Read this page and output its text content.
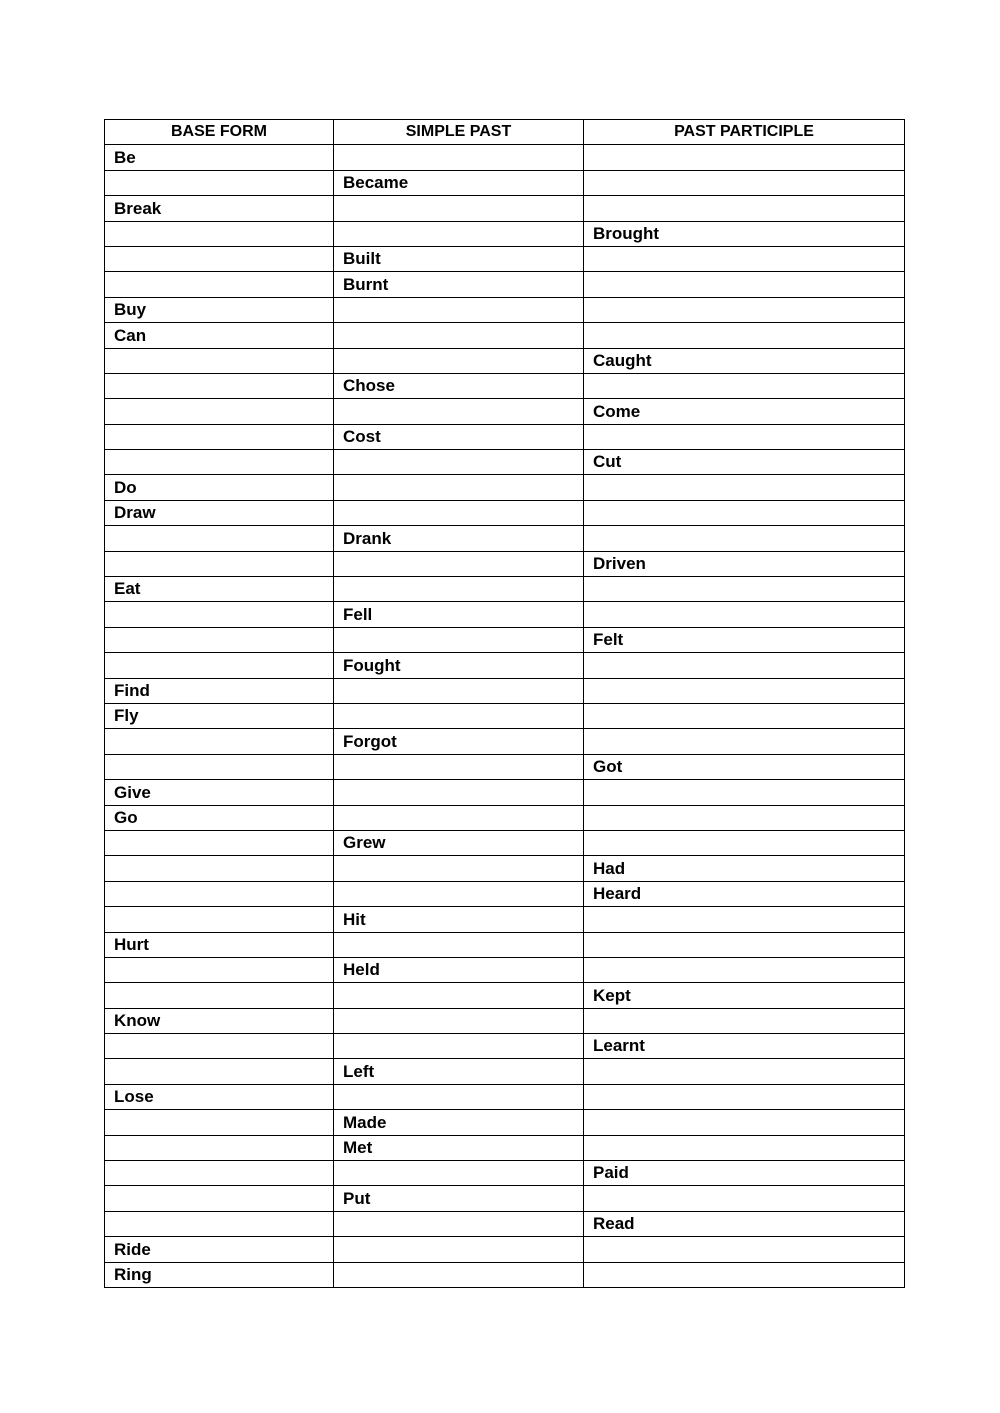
BASE FORM	SIMPLE PAST	PAST PARTICIPLE
Be		
	Became	
Break		
		Brought
	Built	
	Burnt	
Buy		
Can		
		Caught
	Chose	
		Come
	Cost	
		Cut
Do		
Draw		
	Drank	
		Driven
Eat		
	Fell	
		Felt
	Fought	
Find		
Fly		
	Forgot	
		Got
Give		
Go		
	Grew	
		Had
		Heard
	Hit	
Hurt		
	Held	
		Kept
Know		
		Learnt
	Left	
Lose		
	Made	
	Met	
		Paid
	Put	
		Read
Ride		
Ring		
